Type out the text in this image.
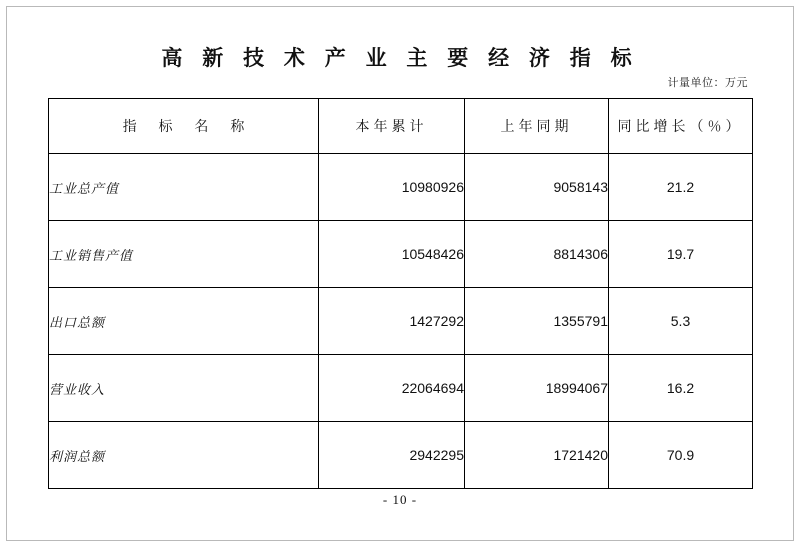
高 新 技 术 产 业 主 要 经 济 指 标
计量单位：万元
指 标 名 称	本年累计	上年同期	同比增长（％）
工业总产值	10980926	9058143	21.2
工业销售产值	10548426	8814306	19.7
出口总额	1427292	1355791	5.3
营业收入	22064694	18994067	16.2
利润总额	2942295	1721420	70.9
- 10 -
